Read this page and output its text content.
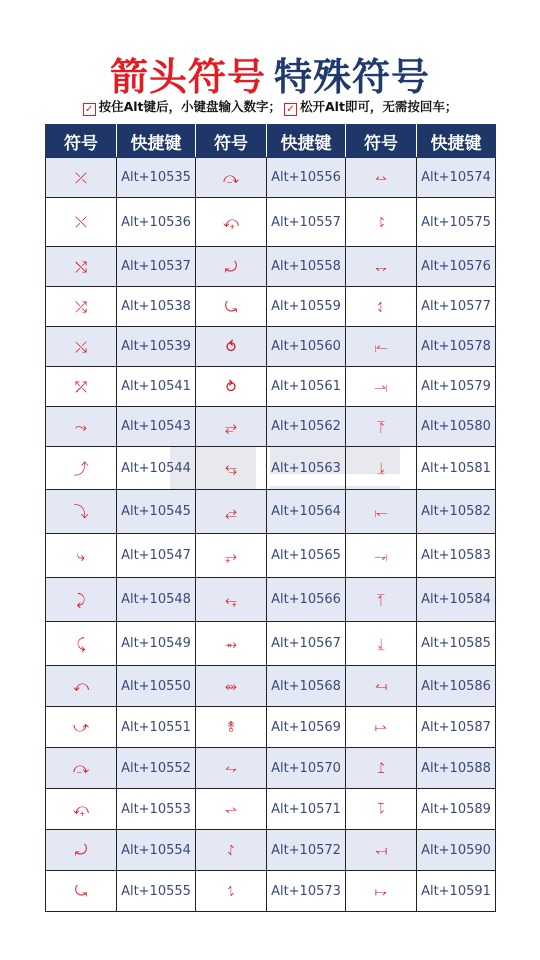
箭头符号 特殊符号
✓ 按住Alt键后，小键盘输入数字； ✓ 松开Alt即可，无需按回车；
符号	快捷键	符号	快捷键	符号	快捷键
⤫	Alt+10535	⤼	Alt+10556	⥎	Alt+10574
⤬	Alt+10536	⤽	Alt+10557	⥏	Alt+10575
⤭	Alt+10537	⤾	Alt+10558	⥐	Alt+10576
⤮	Alt+10538	⤿	Alt+10559	⥑	Alt+10577
⤯	Alt+10539	⥀	Alt+10560	⥒	Alt+10578
⤱	Alt+10541	⥁	Alt+10561	⥓	Alt+10579
⤳	Alt+10543	⥂	Alt+10562	⥔	Alt+10580
⤴	Alt+10544	⥃	Alt+10563	⥕	Alt+10581
⤵	Alt+10545	⥄	Alt+10564	⥖	Alt+10582
⤷	Alt+10547	⥅	Alt+10565	⥗	Alt+10583
⤸	Alt+10548	⥆	Alt+10566	⥘	Alt+10584
⤹	Alt+10549	⥇	Alt+10567	⥙	Alt+10585
⤺	Alt+10550	⥈	Alt+10568	⥚	Alt+10586
⤻	Alt+10551	⥉	Alt+10569	⥛	Alt+10587
⤼	Alt+10552	⥊	Alt+10570	⥜	Alt+10588
⤽	Alt+10553	⥋	Alt+10571	⥝	Alt+10589
⤾	Alt+10554	⥌	Alt+10572	⥞	Alt+10590
⤿	Alt+10555	⥍	Alt+10573	⥟	Alt+10591
